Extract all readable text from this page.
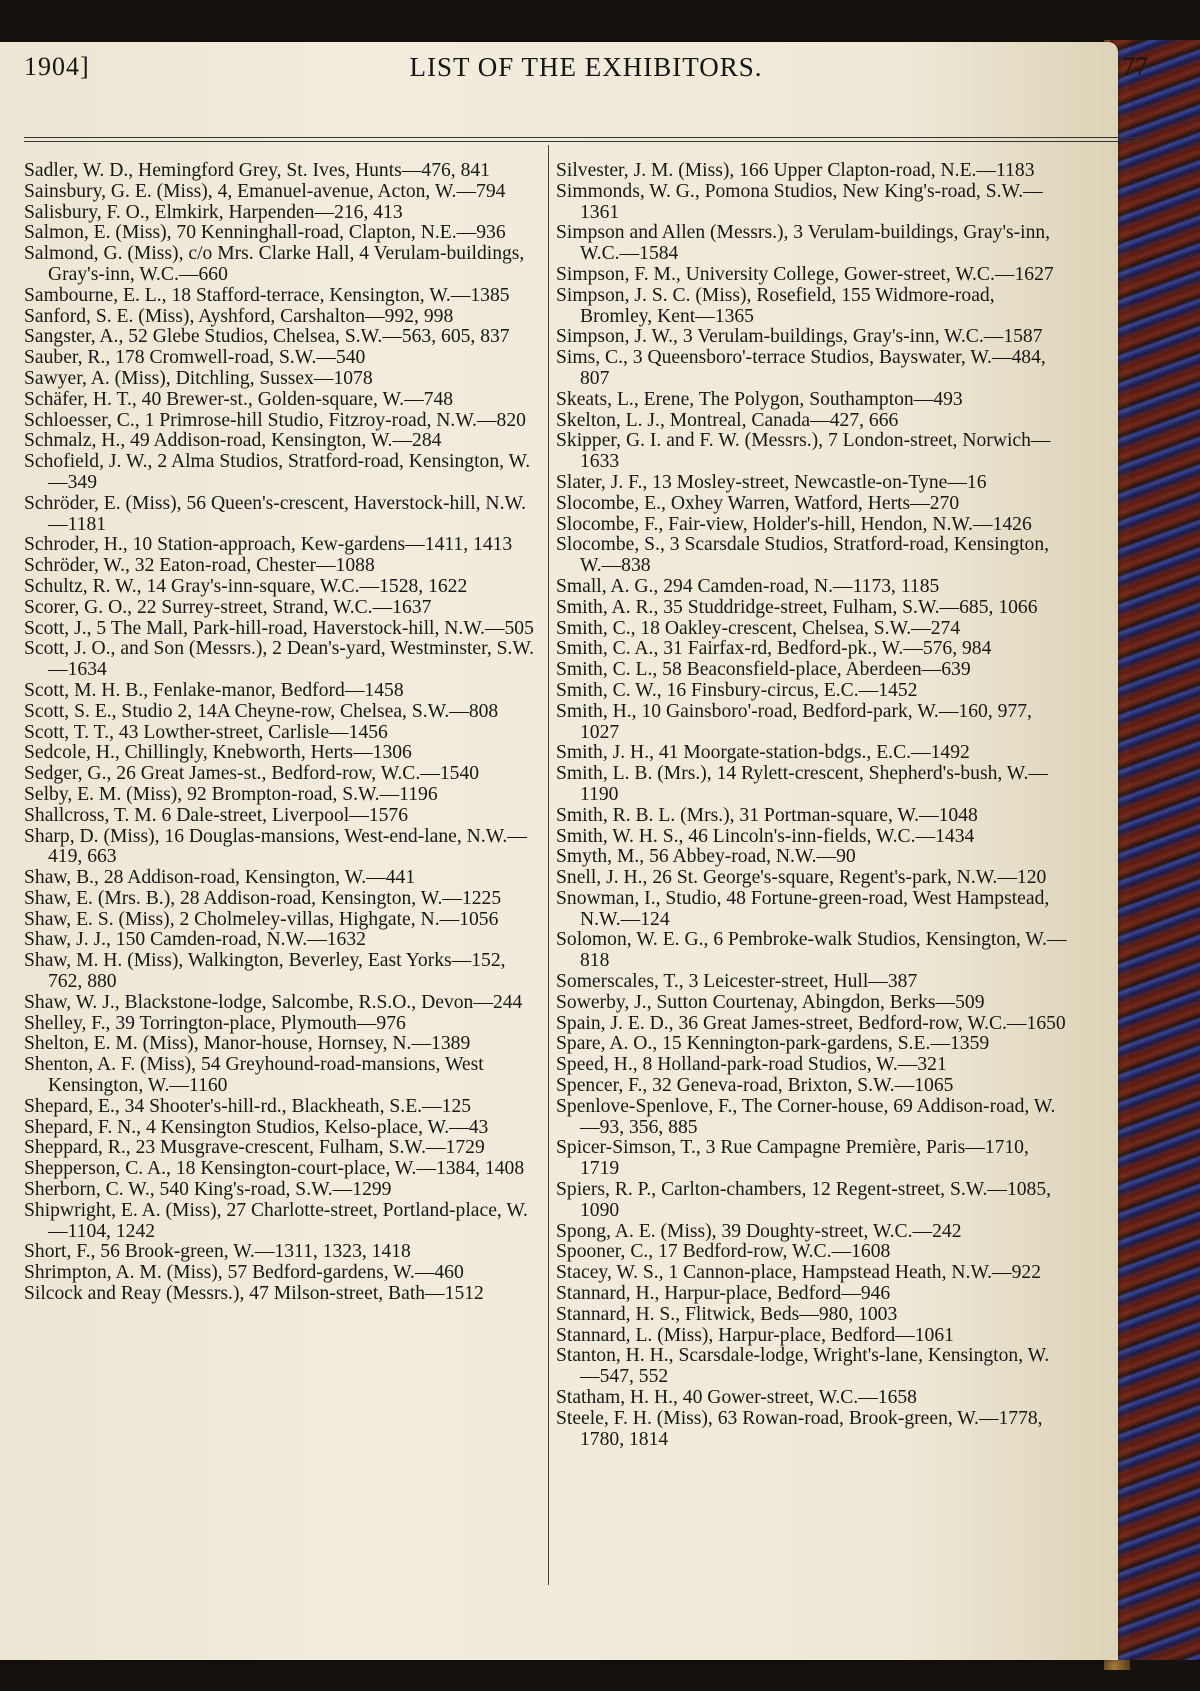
1904]	LIST OF THE EXHIBITORS.	77
Sadler, W. D., Hemingford Grey, St. Ives, Hunts—476, 841
Sainsbury, G. E. (Miss), 4, Emanuel-avenue, Acton, W.—794
Salisbury, F. O., Elmkirk, Harpenden—216, 413
Salmon, E. (Miss), 70 Kenninghall-road, Clapton, N.E.—936
Salmond, G. (Miss), c/o Mrs. Clarke Hall, 4 Verulam-buildings, Gray's-inn, W.C.—660
Sambourne, E. L., 18 Stafford-terrace, Kensington, W.—1385
Sanford, S. E. (Miss), Ayshford, Carshalton—992, 998
Sangster, A., 52 Glebe Studios, Chelsea, S.W.—563, 605, 837
Sauber, R., 178 Cromwell-road, S.W.—540
Sawyer, A. (Miss), Ditchling, Sussex—1078
Schäfer, H. T., 40 Brewer-st., Golden-square, W.—748
Schloesser, C., 1 Primrose-hill Studio, Fitzroy-road, N.W.—820
Schmalz, H., 49 Addison-road, Kensington, W.—284
Schofield, J. W., 2 Alma Studios, Stratford-road, Kensington, W.—349
Schröder, E. (Miss), 56 Queen's-crescent, Haverstock-hill, N.W.—1181
Schroder, H., 10 Station-approach, Kew-gardens—1411, 1413
Schröder, W., 32 Eaton-road, Chester—1088
Schultz, R. W., 14 Gray's-inn-square, W.C.—1528, 1622
Scorer, G. O., 22 Surrey-street, Strand, W.C.—1637
Scott, J., 5 The Mall, Park-hill-road, Haverstock-hill, N.W.—505
Scott, J. O., and Son (Messrs.), 2 Dean's-yard, Westminster, S.W.—1634
Scott, M. H. B., Fenlake-manor, Bedford—1458
Scott, S. E., Studio 2, 14A Cheyne-row, Chelsea, S.W.—808
Scott, T. T., 43 Lowther-street, Carlisle—1456
Sedcole, H., Chillingly, Knebworth, Herts—1306
Sedger, G., 26 Great James-st., Bedford-row, W.C.—1540
Selby, E. M. (Miss), 92 Brompton-road, S.W.—1196
Shallcross, T. M. 6 Dale-street, Liverpool—1576
Sharp, D. (Miss), 16 Douglas-mansions, West-end-lane, N.W.—419, 663
Shaw, B., 28 Addison-road, Kensington, W.—441
Shaw, E. (Mrs. B.), 28 Addison-road, Kensington, W.—1225
Shaw, E. S. (Miss), 2 Cholmeley-villas, Highgate, N.—1056
Shaw, J. J., 150 Camden-road, N.W.—1632
Shaw, M. H. (Miss), Walkington, Beverley, East Yorks—152, 762, 880
Shaw, W. J., Blackstone-lodge, Salcombe, R.S.O., Devon—244
Shelley, F., 39 Torrington-place, Plymouth—976
Shelton, E. M. (Miss), Manor-house, Hornsey, N.—1389
Shenton, A. F. (Miss), 54 Greyhound-road-mansions, West Kensington, W.—1160
Shepard, E., 34 Shooter's-hill-rd., Blackheath, S.E.—125
Shepard, F. N., 4 Kensington Studios, Kelso-place, W.—43
Sheppard, R., 23 Musgrave-crescent, Fulham, S.W.—1729
Shepperson, C. A., 18 Kensington-court-place, W.—1384, 1408
Sherborn, C. W., 540 King's-road, S.W.—1299
Shipwright, E. A. (Miss), 27 Charlotte-street, Portland-place, W.—1104, 1242
Short, F., 56 Brook-green, W.—1311, 1323, 1418
Shrimpton, A. M. (Miss), 57 Bedford-gardens, W.—460
Silcock and Reay (Messrs.), 47 Milson-street, Bath—1512
Silvester, J. M. (Miss), 166 Upper Clapton-road, N.E.—1183
Simmonds, W. G., Pomona Studios, New King's-road, S.W.—1361
Simpson and Allen (Messrs.), 3 Verulam-buildings, Gray's-inn, W.C.—1584
Simpson, F. M., University College, Gower-street, W.C.—1627
Simpson, J. S. C. (Miss), Rosefield, 155 Widmore-road, Bromley, Kent—1365
Simpson, J. W., 3 Verulam-buildings, Gray's-inn, W.C.—1587
Sims, C., 3 Queensboro'-terrace Studios, Bayswater, W.—484, 807
Skeats, L., Erene, The Polygon, Southampton—493
Skelton, L. J., Montreal, Canada—427, 666
Skipper, G. I. and F. W. (Messrs.), 7 London-street, Norwich—1633
Slater, J. F., 13 Mosley-street, Newcastle-on-Tyne—16
Slocombe, E., Oxhey Warren, Watford, Herts—270
Slocombe, F., Fair-view, Holder's-hill, Hendon, N.W.—1426
Slocombe, S., 3 Scarsdale Studios, Stratford-road, Kensington, W.—838
Small, A. G., 294 Camden-road, N.—1173, 1185
Smith, A. R., 35 Studdridge-street, Fulham, S.W.—685, 1066
Smith, C., 18 Oakley-crescent, Chelsea, S.W.—274
Smith, C. A., 31 Fairfax-rd, Bedford-pk., W.—576, 984
Smith, C. L., 58 Beaconsfield-place, Aberdeen—639
Smith, C. W., 16 Finsbury-circus, E.C.—1452
Smith, H., 10 Gainsboro'-road, Bedford-park, W.—160, 977, 1027
Smith, J. H., 41 Moorgate-station-bdgs., E.C.—1492
Smith, L. B. (Mrs.), 14 Rylett-crescent, Shepherd's-bush, W.—1190
Smith, R. B. L. (Mrs.), 31 Portman-square, W.—1048
Smith, W. H. S., 46 Lincoln's-inn-fields, W.C.—1434
Smyth, M., 56 Abbey-road, N.W.—90
Snell, J. H., 26 St. George's-square, Regent's-park, N.W.—120
Snowman, I., Studio, 48 Fortune-green-road, West Hampstead, N.W.—124
Solomon, W. E. G., 6 Pembroke-walk Studios, Kensington, W.—818
Somerscales, T., 3 Leicester-street, Hull—387
Sowerby, J., Sutton Courtenay, Abingdon, Berks—509
Spain, J. E. D., 36 Great James-street, Bedford-row, W.C.—1650
Spare, A. O., 15 Kennington-park-gardens, S.E.—1359
Speed, H., 8 Holland-park-road Studios, W.—321
Spencer, F., 32 Geneva-road, Brixton, S.W.—1065
Spenlove-Spenlove, F., The Corner-house, 69 Addison-road, W.—93, 356, 885
Spicer-Simson, T., 3 Rue Campagne Première, Paris—1710, 1719
Spiers, R. P., Carlton-chambers, 12 Regent-street, S.W.—1085, 1090
Spong, A. E. (Miss), 39 Doughty-street, W.C.—242
Spooner, C., 17 Bedford-row, W.C.—1608
Stacey, W. S., 1 Cannon-place, Hampstead Heath, N.W.—922
Stannard, H., Harpur-place, Bedford—946
Stannard, H. S., Flitwick, Beds—980, 1003
Stannard, L. (Miss), Harpur-place, Bedford—1061
Stanton, H. H., Scarsdale-lodge, Wright's-lane, Kensington, W.—547, 552
Statham, H. H., 40 Gower-street, W.C.—1658
Steele, F. H. (Miss), 63 Rowan-road, Brook-green, W.—1778, 1780, 1814
